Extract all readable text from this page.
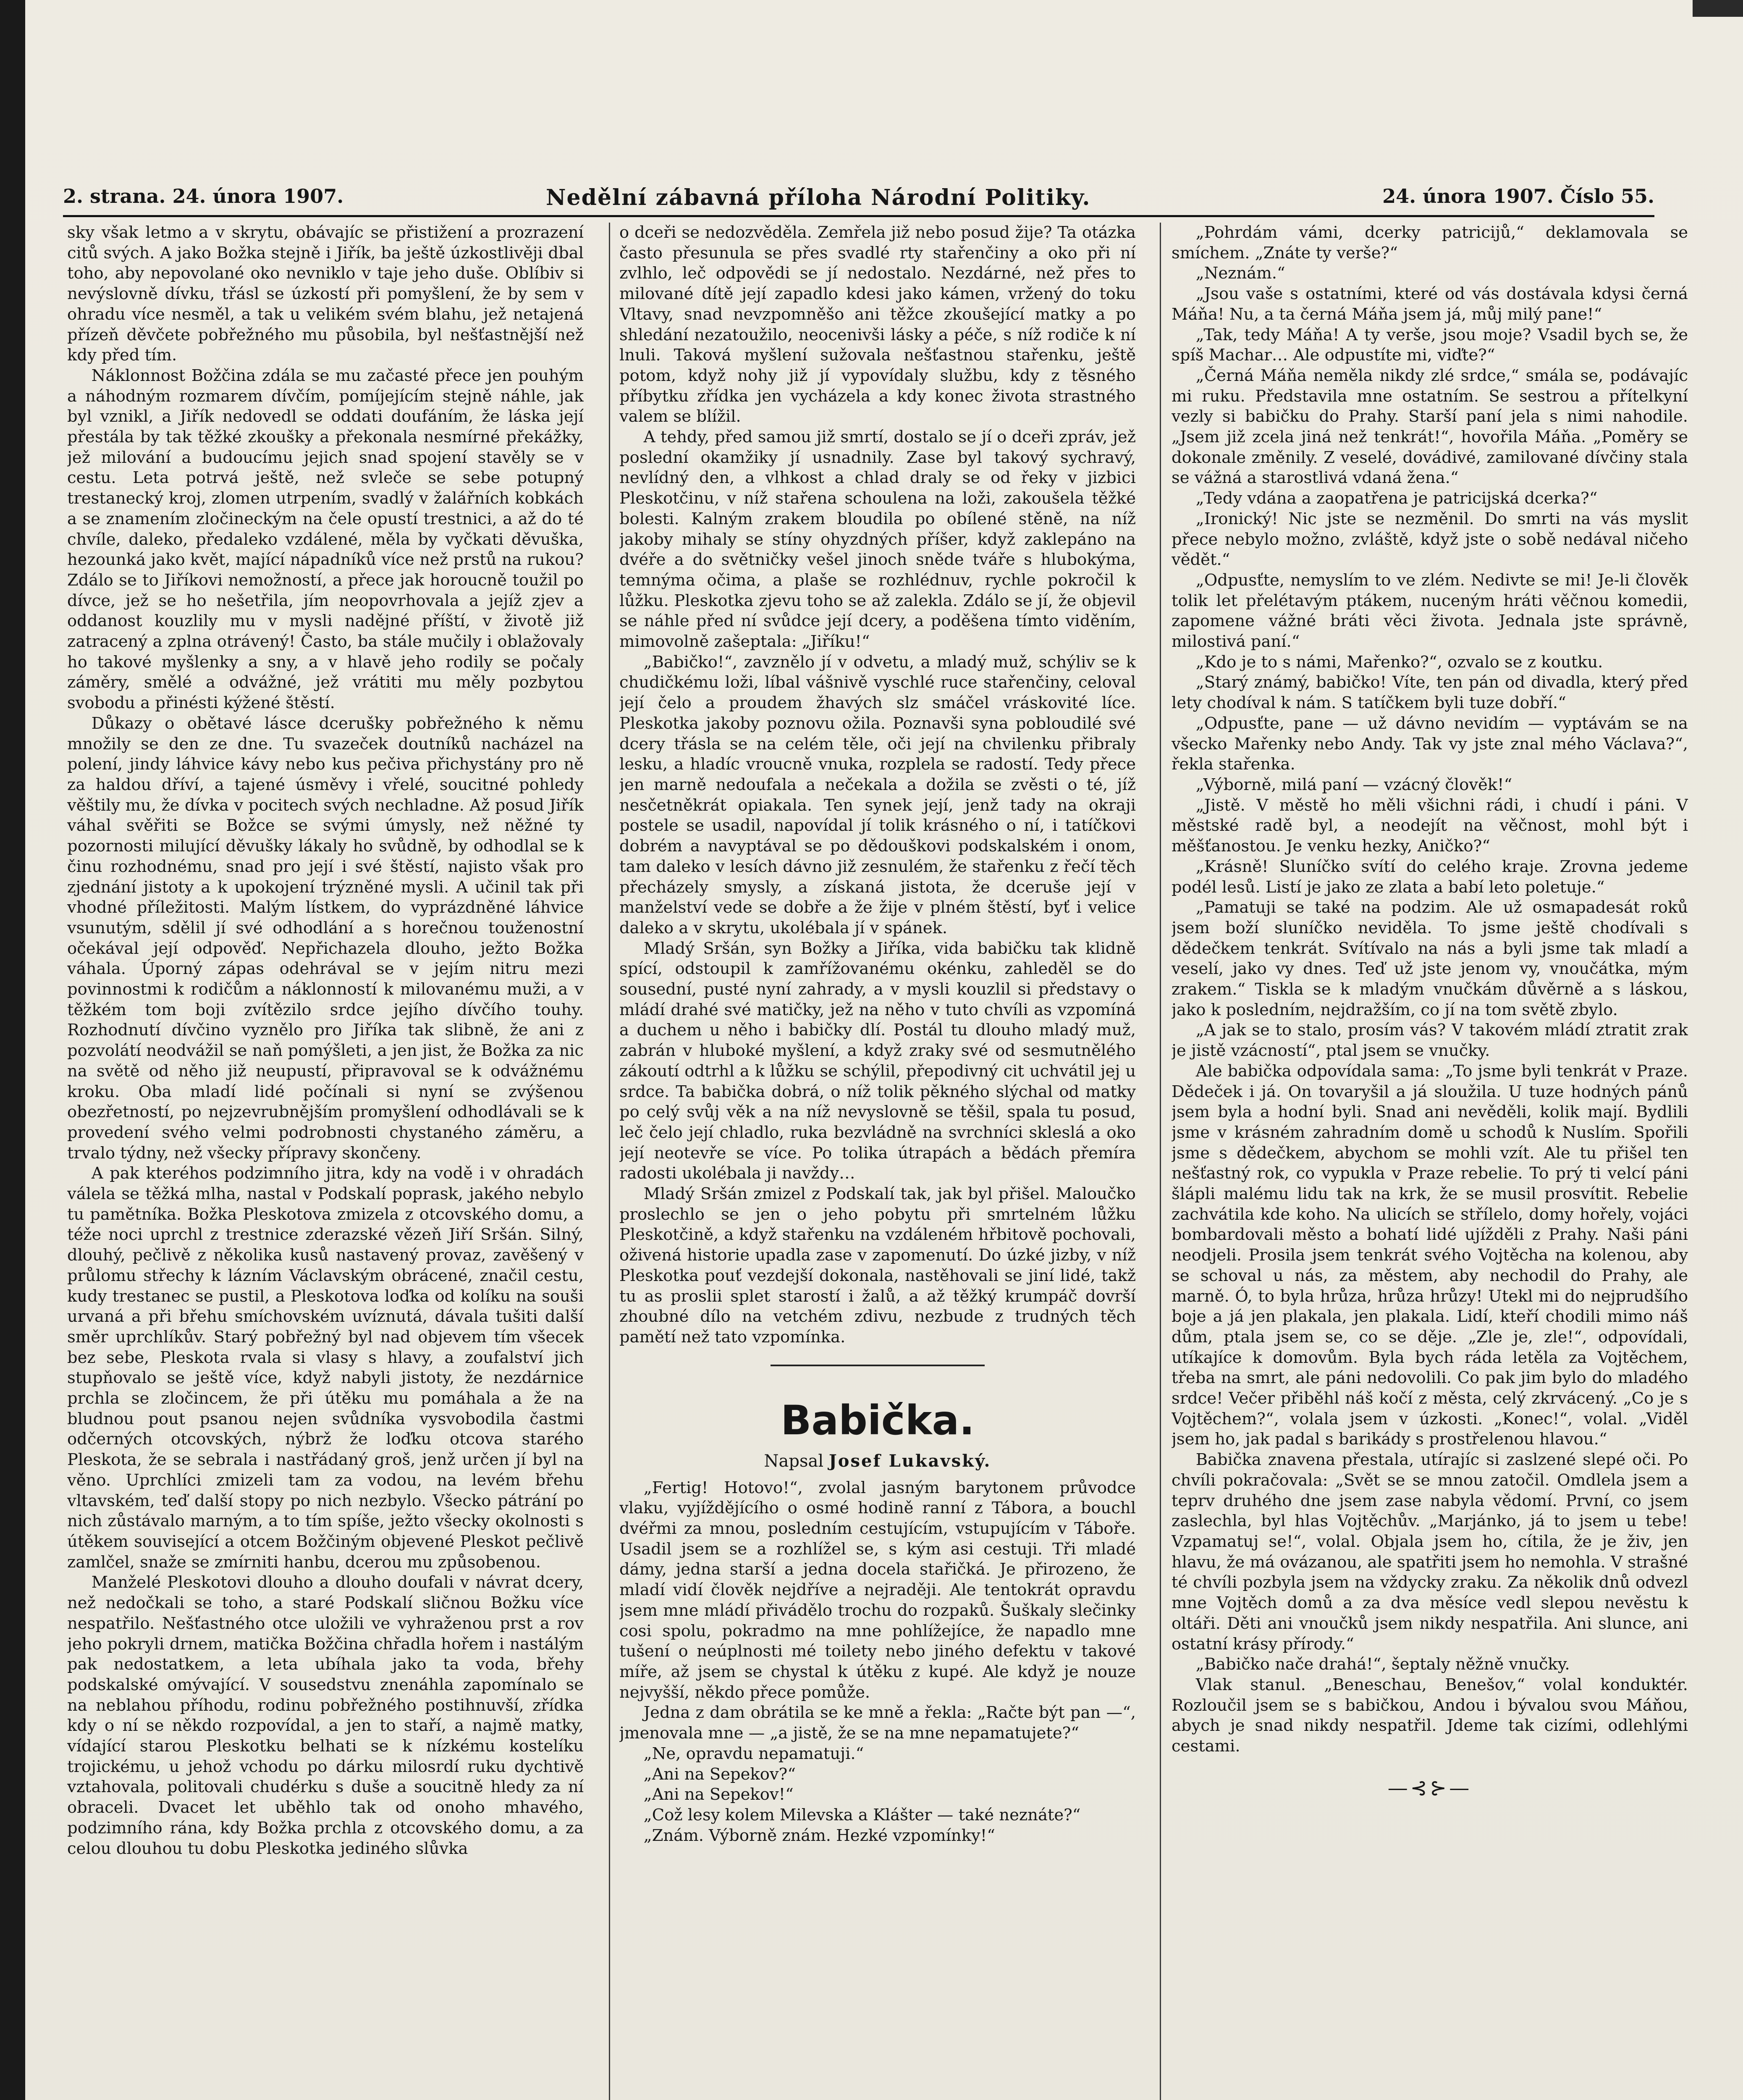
2. strana. 24. února 1907.	Nedělní zábavná příloha Národní Politiky.	24. února 1907. Číslo 55.

sky však letmo a v skrytu, obávajíc se přistižení a prozrazení citů svých. A jako Božka stejně i Jiřík, ba ještě úzkostlivěji dbal toho, aby nepovolané oko nevniklo v taje jeho duše. Oblíbiv si nevýslovně dívku, třásl se úzkostí při pomyšlení, že by sem v ohradu více nesměl, a tak u velikém svém blahu, jež netajená přízeň děvčete pobřežného mu působila, byl nešťastnější než kdy před tím.

Náklonnost Božčina zdála se mu začasté přece jen pouhým a náhodným rozmarem dívčím, pomíjejícím stejně náhle, jak byl vznikl, a Jiřík nedovedl se oddati doufáním, že láska její přestála by tak těžké zkoušky a překonala nesmírné překážky, jež milování a budoucímu jejich snad spojení stavěly se v cestu. Leta potrvá ještě, než svleče se sebe potupný trestanecký kroj, zlomen utrpením, svadlý v žalářních kobkách a se znamením zločineckým na čele opustí trestnici, a až do té chvíle, daleko, předaleko vzdálené, měla by vyčkati děvuška, hezounká jako květ, mající nápadníků více než prstů na rukou? Zdálo se to Jiříkovi nemožností, a přece jak horoucně toužil po dívce, jež se ho nešetřila, jím neopovrhovala a jejíž zjev a oddanost kouzlily mu v mysli nadějné příští, v životě již zatracený a zplna otrávený! Často, ba stále mučily i oblažovaly ho takové myšlenky a sny, a v hlavě jeho rodily se počaly záměry, smělé a odvážné, jež vrátiti mu měly pozbytou svobodu a přinésti kýžené štěstí.

Důkazy o obětavé lásce dcerušky pobřežného k němu množily se den ze dne. Tu svazeček doutníků nacházel na polení, jindy láhvice kávy nebo kus pečiva přichystány pro ně za haldou dříví, a tajené úsměvy i vřelé, soucitné pohledy věštily mu, že dívka v pocitech svých nechladne. Až posud Jiřík váhal svěřiti se Božce se svými úmysly, než něžné ty pozornosti milující děvušky lákaly ho svůdně, by odhodlal se k činu rozhodnému, snad pro její i své štěstí, najisto však pro zjednání jistoty a k upokojení trýzněné mysli. A učinil tak při vhodné příležitosti. Malým lístkem, do vyprázdněné láhvice vsunutým, sdělil jí své odhodlání a s horečnou touženostní očekával její odpověď. Nepřichazela dlouho, ježto Božka váhala. Úporný zápas odehrával se v jejím nitru mezi povinnostmi k rodičům a náklonností k milovanému muži, a v těžkém tom boji zvítězilo srdce jejího dívčího touhy. Rozhodnutí dívčino vyznělo pro Jiříka tak slibně, že ani z pozvolátí neodvážil se naň pomýšleti, a jen jist, že Božka za nic na světě od něho již neupustí, připravoval se k odvážnému kroku. Oba mladí lidé počínali si nyní se zvýšenou obezřetností, po nejzevrubnějším promyšlení odhodlávali se k provedení svého velmi podrobnosti chystaného záměru, a trvalo týdny, než všecky přípravy skončeny.

A pak kteréhos podzimního jitra, kdy na vodě i v ohradách válela se těžká mlha, nastal v Podskalí poprask, jakého nebylo tu pamětníka. Božka Pleskotova zmizela z otcovského domu, a téže noci uprchl z trestnice zderazské vězeň Jiří Sršán. Silný, dlouhý, pečlivě z několika kusů nastavený provaz, zavěšený v průlomu střechy k lázním Václavským obrácené, značil cestu, kudy trestanec se pustil, a Pleskotova loďka od kolíku na souši urvaná a při břehu smíchovském uvíznutá, dávala tušiti další směr uprchlíkův. Starý pobřežný byl nad objevem tím všecek bez sebe, Pleskota rvala si vlasy s hlavy, a zoufalství jich stupňovalo se ještě více, když nabyli jistoty, že nezdárnice prchla se zločincem, že při útěku mu pomáhala a že na bludnou pout psanou nejen svůdníka vysvobodila častmi odčerných otcovských, nýbrž že loďku otcova starého Pleskota, že se sebrala i nastřádaný groš, jenž určen jí byl na věno. Uprchlíci zmizeli tam za vodou, na levém břehu vltavském, teď další stopy po nich nezbylo. Všecko pátrání po nich zůstávalo marným, a to tím spíše, ježto všecky okolnosti s útěkem související a otcem Božčiným objevené Pleskot pečlivě zamlčel, snaže se zmírniti hanbu, dcerou mu způsobenou.

Manželé Pleskotovi dlouho a dlouho doufali v návrat dcery, než nedočkali se toho, a staré Podskalí sličnou Božku více nespatřilo. Nešťastného otce uložili ve vyhraženou prst a rov jeho pokryli drnem, matička Božčina chřadla hořem i nastálým pak nedostatkem, a leta ubíhala jako ta voda, břehy podskalské omývající. V sousedstvu znenáhla zapomínalo se na neblahou příhodu, rodinu pobřežného postihnuvší, zřídka kdy o ní se někdo rozpovídal, a jen to staří, a najmě matky, vídající starou Pleskotku belhati se k nízkému kostelíku trojickému, u jehož vchodu po dárku milosrdí ruku dychtivě vztahovala, politovali chudérku s duše a soucitně hledy za ní obraceli. Dvacet let uběhlo tak od onoho mhavého, podzimního rána, kdy Božka prchla z otcovského domu, a za celou dlouhou tu dobu Pleskotka jediného slůvka

o dceři se nedozvěděla. Zemřela již nebo posud žije? Ta otázka často přesunula se přes svadlé rty stařenčiny a oko při ní zvlhlo, leč odpovědi se jí nedostalo. Nezdárné, než přes to milované dítě její zapadlo kdesi jako kámen, vržený do toku Vltavy, snad nevzpomněšo ani těžce zkoušející matky a po shledání nezatoužilo, neocenivši lásky a péče, s níž rodiče k ní lnuli. Taková myšlení sužovala nešťastnou stařenku, ještě potom, když nohy již jí vypovídaly službu, kdy z těsného příbytku zřídka jen vycházela a kdy konec života strastného valem se blížil.

A tehdy, před samou již smrtí, dostalo se jí o dceři zpráv, jež poslední okamžiky jí usnadnily. Zase byl takový sychravý, nevlídný den, a vlhkost a chlad draly se od řeky v jizbici Pleskotčinu, v níž stařena schoulena na loži, zakoušela těžké bolesti. Kalným zrakem bloudila po obílené stěně, na níž jakoby mihaly se stíny ohyzdných příšer, když zaklepáno na dvéře a do světničky vešel jinoch sněde tváře s hlubokýma, temnýma očima, a plaše se rozhlédnuv, rychle pokročil k lůžku. Pleskotka zjevu toho se až zalekla. Zdálo se jí, že objevil se náhle před ní svůdce její dcery, a poděšena tímto viděním, mimovolně zašeptala: „Jiříku!“

„Babičko!“, zavznělo jí v odvetu, a mladý muž, schýliv se k chudičkému loži, líbal vášnivě vyschlé ruce stařenčiny, celoval její čelo a proudem žhavých slz smáčel vráskovité líce. Pleskotka jakoby poznovu ožila. Poznavši syna pobloudilé své dcery třásla se na celém těle, oči její na chvilenku přibraly lesku, a hladíc vroucně vnuka, rozplela se radostí. Tedy přece jen marně nedoufala a nečekala a dožila se zvěsti o té, jíž nesčetněkrát opiakala. Ten synek její, jenž tady na okraji postele se usadil, napovídal jí tolik krásného o ní, i tatíčkovi dobrém a navyptával se po dědouškovi podskalském i onom, tam daleko v lesích dávno již zesnulém, že stařenku z řečí těch přecházely smysly, a získaná jistota, že dceruše její v manželství vede se dobře a že žije v plném štěstí, byť i velice daleko a v skrytu, ukolébala jí v spánek.

Mladý Sršán, syn Božky a Jiříka, vida babičku tak klidně spící, odstoupil k zamřížovanému okénku, zahleděl se do sousední, pusté nyní zahrady, a v mysli kouzlil si představy o mládí drahé své matičky, jež na něho v tuto chvíli as vzpomíná a duchem u něho i babičky dlí. Postál tu dlouho mladý muž, zabrán v hluboké myšlení, a když zraky své od sesmutnělého zákoutí odtrhl a k lůžku se schýlil, přepodivný cit uchvátil jej u srdce. Ta babička dobrá, o níž tolik pěkného slýchal od matky po celý svůj věk a na níž nevyslovně se těšil, spala tu posud, leč čelo její chladlo, ruka bezvládně na svrchníci skleslá a oko její neotevře se více. Po tolika útrapách a bědách přemíra radosti ukolébala ji navždy…

Mladý Sršán zmizel z Podskalí tak, jak byl přišel. Maloučko proslechlo se jen o jeho pobytu při smrtelném lůžku Pleskotčině, a když stařenku na vzdáleném hřbitově pochovali, oživená historie upadla zase v zapomenutí. Do úzké jizby, v níž Pleskotka pouť vezdejší dokonala, nastěhovali se jiní lidé, takž tu as proslii splet starostí i žalů, a až těžký krumpáč dovrší zhoubné dílo na vetchém zdivu, nezbude z trudných těch pamětí než tato vzpomínka.

Babička.
Napsal Josef Lukavský.

„Fertig! Hotovo!“, zvolal jasným barytonem průvodce vlaku, vyjíždějícího o osmé hodině ranní z Tábora, a bouchl dvéřmi za mnou, posledním cestujícím, vstupujícím v Táboře. Usadil jsem se a rozhlížel se, s kým asi cestuji. Tři mladé dámy, jedna starší a jedna docela stařičká. Je přirozeno, že mladí vidí člověk nejdříve a nejraději. Ale tentokrát opravdu jsem mne mládí přivádělo trochu do rozpaků. Šuškaly slečinky cosi spolu, pokradmo na mne pohlížejíce, že napadlo mne tušení o neúplnosti mé toilety nebo jiného defektu v takové míře, až jsem se chystal k útěku z kupé. Ale když je nouze nejvyšší, někdo přece pomůže.

Jedna z dam obrátila se ke mně a řekla: „Račte být pan —“, jmenovala mne — „a jistě, že se na mne nepamatujete?“

„Ne, opravdu nepamatuji.“

„Ani na Sepekov?“

„Ani na Sepekov!“

„Což lesy kolem Milevska a Klášter — také neznáte?“

„Znám. Výborně znám. Hezké vzpomínky!“

„Pohrdám vámi, dcerky patricijů,“ deklamovala se smíchem. „Znáte ty verše?“

„Neznám.“

„Jsou vaše s ostatními, které od vás dostávala kdysi černá Máňa! Nu, a ta černá Máňa jsem já, můj milý pane!“

„Tak, tedy Máňa! A ty verše, jsou moje? Vsadil bych se, že spíš Machar… Ale odpustíte mi, viďte?“

„Černá Máňa neměla nikdy zlé srdce,“ smála se, podávajíc mi ruku. Představila mne ostatním. Se sestrou a přítelkyní vezly si babičku do Prahy. Starší paní jela s nimi nahodile. „Jsem již zcela jiná než tenkrát!“, hovořila Máňa. „Poměry se dokonale změnily. Z veselé, dovádivé, zamilované dívčiny stala se vážná a starostlivá vdaná žena.“

„Tedy vdána a zaopatřena je patricijská dcerka?“

„Ironický! Nic jste se nezměnil. Do smrti na vás myslit přece nebylo možno, zvláště, když jste o sobě nedával ničeho vědět.“

„Odpusťte, nemyslím to ve zlém. Nedivte se mi! Je-li člověk tolik let přelétavým ptákem, nuceným hráti věčnou komedii, zapomene vážné bráti věci života. Jednala jste správně, milostivá paní.“

„Kdo je to s námi, Mařenko?“, ozvalo se z koutku.

„Starý známý, babičko! Víte, ten pán od divadla, který před lety chodíval k nám. S tatíčkem byli tuze dobří.“

„Odpusťte, pane — už dávno nevidím — vyptávám se na všecko Mařenky nebo Andy. Tak vy jste znal mého Václava?“, řekla stařenka.

„Výborně, milá paní — vzácný člověk!“

„Jistě. V městě ho měli všichni rádi, i chudí i páni. V městské radě byl, a neodejít na věčnost, mohl být i měšťanostou. Je venku hezky, Aničko?“

„Krásně! Sluníčko svítí do celého kraje. Zrovna jedeme podél lesů. Listí je jako ze zlata a babí leto poletuje.“

„Pamatuji se také na podzim. Ale už osmapadesát roků jsem boží sluníčko neviděla. To jsme ještě chodívali s dědečkem tenkrát. Svítívalo na nás a byli jsme tak mladí a veselí, jako vy dnes. Teď už jste jenom vy, vnoučátka, mým zrakem.“ Tiskla se k mladým vnučkám důvěrně a s láskou, jako k posledním, nejdražším, co jí na tom světě zbylo.

„A jak se to stalo, prosím vás? V takovém mládí ztratit zrak je jistě vzácností“, ptal jsem se vnučky.

Ale babička odpovídala sama: „To jsme byli tenkrát v Praze. Dědeček i já. On tovaryšil a já sloužila. U tuze hodných pánů jsem byla a hodní byli. Snad ani nevěděli, kolik mají. Bydlili jsme v krásném zahradním domě u schodů k Nuslím. Spořili jsme s dědečkem, abychom se mohli vzít. Ale tu přišel ten nešťastný rok, co vypukla v Praze rebelie. To prý ti velcí páni šlápli malému lidu tak na krk, že se musil prosvítit. Rebelie zachvátila kde koho. Na ulicích se střílelo, domy hořely, vojáci bombardovali město a bohatí lidé ujížděli z Prahy. Naši páni neodjeli. Prosila jsem tenkrát svého Vojtěcha na kolenou, aby se schoval u nás, za městem, aby nechodil do Prahy, ale marně. Ó, to byla hrůza, hrůza hrůzy! Utekl mi do nejprudšího boje a já jen plakala, jen plakala. Lidí, kteří chodili mimo náš dům, ptala jsem se, co se děje. „Zle je, zle!“, odpovídali, utíkajíce k domovům. Byla bych ráda letěla za Vojtěchem, třeba na smrt, ale páni nedovolili. Co pak jim bylo do mladého srdce! Večer přiběhl náš kočí z města, celý zkrvácený. „Co je s Vojtěchem?“, volala jsem v úzkosti. „Konec!“, volal. „Viděl jsem ho, jak padal s barikády s prostřelenou hlavou.“

Babička znavena přestala, utírajíc si zaslzené slepé oči. Po chvíli pokračovala: „Svět se se mnou zatočil. Omdlela jsem a teprv druhého dne jsem zase nabyla vědomí. První, co jsem zaslechla, byl hlas Vojtěchův. „Marjánko, já to jsem u tebe! Vzpamatuj se!“, volal. Objala jsem ho, cítila, že je živ, jen hlavu, že má ovázanou, ale spatřiti jsem ho nemohla. V strašné té chvíli pozbyla jsem na vždycky zraku. Za několik dnů odvezl mne Vojtěch domů a za dva měsíce vedl slepou nevěstu k oltáři. Děti ani vnoučků jsem nikdy nespatřila. Ani slunce, ani ostatní krásy přírody.“

„Babičko nače drahá!“, šeptaly něžně vnučky.

Vlak stanul. „Beneschau, Benešov,“ volal konduktér. Rozloučil jsem se s babičkou, Andou i bývalou svou Máňou, abych je snad nikdy nespatřil. Jdeme tak cizími, odlehlými cestami.

—⊰⊱—
